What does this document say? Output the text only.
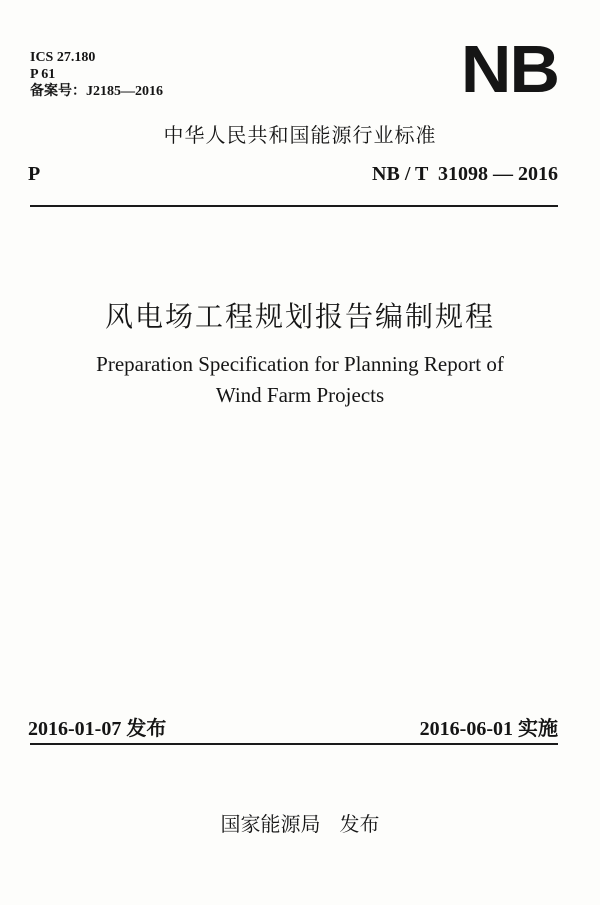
ICS 27.180
P 61
备案号：J2185—2016	NB
中华人民共和国能源行业标准
P	NB / T  31098 — 2016
风电场工程规划报告编制规程
Preparation Specification for Planning Report of
Wind Farm Projects
2016-01-07 发布	2016-06-01 实施
国家能源局 发布
